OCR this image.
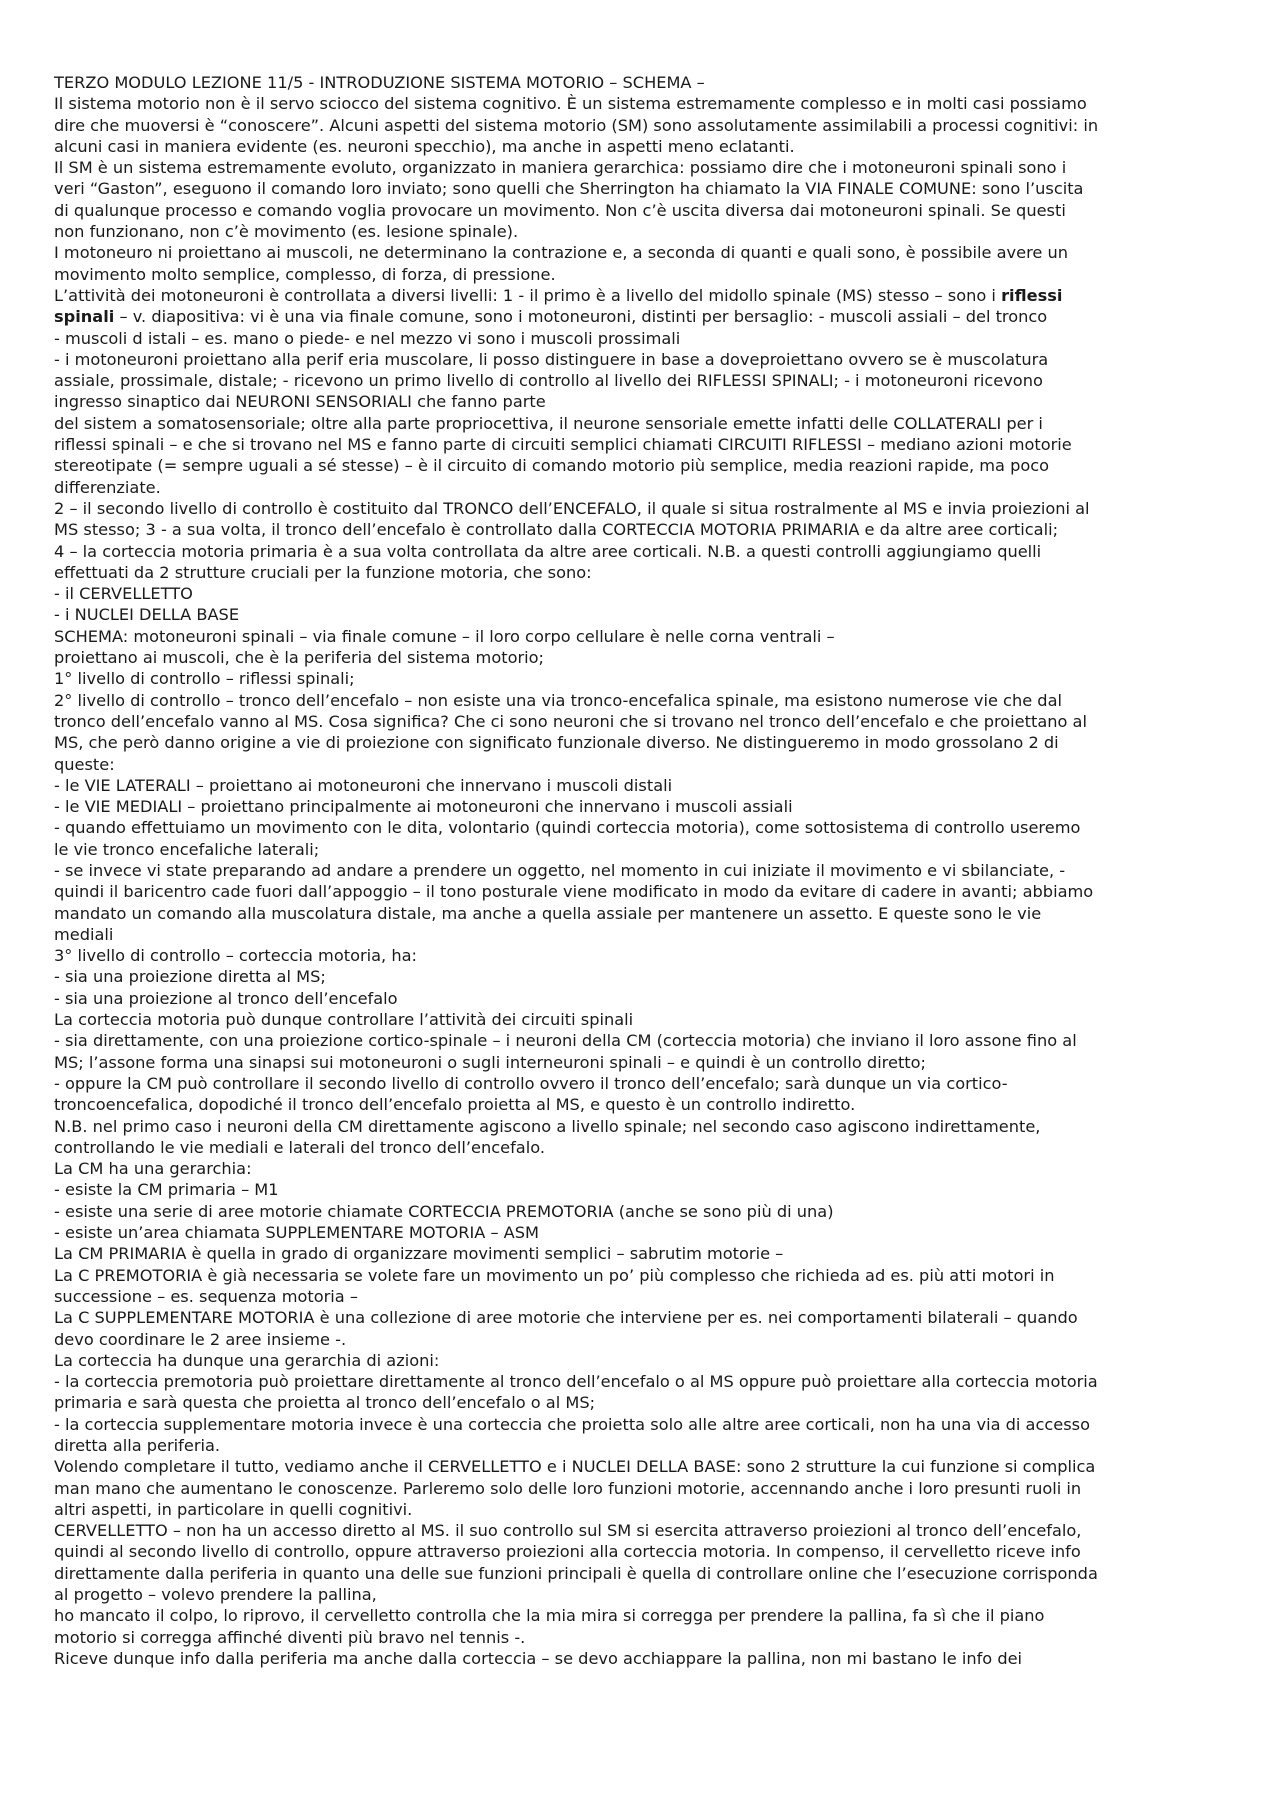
TERZO MODULO LEZIONE 11/5 - INTRODUZIONE SISTEMA MOTORIO – SCHEMA –
Il sistema motorio non è il servo sciocco del sistema cognitivo. È un sistema estremamente complesso e in molti casi possiamo
dire che muoversi è “conoscere”. Alcuni aspetti del sistema motorio (SM) sono assolutamente assimilabili a processi cognitivi: in
alcuni casi in maniera evidente (es. neuroni specchio), ma anche in aspetti meno eclatanti.
Il SM è un sistema estremamente evoluto, organizzato in maniera gerarchica: possiamo dire che i motoneuroni spinali sono i
veri “Gaston”, eseguono il comando loro inviato; sono quelli che Sherrington ha chiamato la VIA FINALE COMUNE: sono l’uscita
di qualunque processo e comando voglia provocare un movimento. Non c’è uscita diversa dai motoneuroni spinali. Se questi
non funzionano, non c’è movimento (es. lesione spinale).
I motoneuro ni proiettano ai muscoli, ne determinano la contrazione e, a seconda di quanti e quali sono, è possibile avere un
movimento molto semplice, complesso, di forza, di pressione.
L’attività dei motoneuroni è controllata a diversi livelli: 1 - il primo è a livello del midollo spinale (MS) stesso – sono i riflessi
spinali – v. diapositiva: vi è una via finale comune, sono i motoneuroni, distinti per bersaglio: - muscoli assiali – del tronco
- muscoli d istali – es. mano o piede- e nel mezzo vi sono i muscoli prossimali
- i motoneuroni proiettano alla perif eria muscolare, li posso distinguere in base a doveproiettano ovvero se è muscolatura
assiale, prossimale, distale; - ricevono un primo livello di controllo al livello dei RIFLESSI SPINALI; - i motoneuroni ricevono
ingresso sinaptico dai NEURONI SENSORIALI che fanno parte
del sistem a somatosensoriale; oltre alla parte propriocettiva, il neurone sensoriale emette infatti delle COLLATERALI per i
riflessi spinali – e che si trovano nel MS e fanno parte di circuiti semplici chiamati CIRCUITI RIFLESSI – mediano azioni motorie
stereotipate (= sempre uguali a sé stesse) – è il circuito di comando motorio più semplice, media reazioni rapide, ma poco
differenziate.
2 – il secondo livello di controllo è costituito dal TRONCO dell’ENCEFALO, il quale si situa rostralmente al MS e invia proiezioni al
MS stesso; 3 - a sua volta, il tronco dell’encefalo è controllato dalla CORTECCIA MOTORIA PRIMARIA e da altre aree corticali;
4 – la corteccia motoria primaria è a sua volta controllata da altre aree corticali. N.B. a questi controlli aggiungiamo quelli
effettuati da 2 strutture cruciali per la funzione motoria, che sono:
- il CERVELLETTO
- i NUCLEI DELLA BASE
SCHEMA: motoneuroni spinali – via finale comune – il loro corpo cellulare è nelle corna ventrali –
proiettano ai muscoli, che è la periferia del sistema motorio;
1° livello di controllo – riflessi spinali;
2° livello di controllo – tronco dell’encefalo – non esiste una via tronco-encefalica spinale, ma esistono numerose vie che dal
tronco dell’encefalo vanno al MS. Cosa significa? Che ci sono neuroni che si trovano nel tronco dell’encefalo e che proiettano al
MS, che però danno origine a vie di proiezione con significato funzionale diverso. Ne distingueremo in modo grossolano 2 di
queste:
- le VIE LATERALI – proiettano ai motoneuroni che innervano i muscoli distali
- le VIE MEDIALI – proiettano principalmente ai motoneuroni che innervano i muscoli assiali
- quando effettuiamo un movimento con le dita, volontario (quindi corteccia motoria), come sottosistema di controllo useremo
le vie tronco encefaliche laterali;
- se invece vi state preparando ad andare a prendere un oggetto, nel momento in cui iniziate il movimento e vi sbilanciate, -
quindi il baricentro cade fuori dall’appoggio – il tono posturale viene modificato in modo da evitare di cadere in avanti; abbiamo
mandato un comando alla muscolatura distale, ma anche a quella assiale per mantenere un assetto. E queste sono le vie
mediali
3° livello di controllo – corteccia motoria, ha:
- sia una proiezione diretta al MS;
- sia una proiezione al tronco dell’encefalo
La corteccia motoria può dunque controllare l’attività dei circuiti spinali
- sia direttamente, con una proiezione cortico-spinale – i neuroni della CM (corteccia motoria) che inviano il loro assone fino al
MS; l’assone forma una sinapsi sui motoneuroni o sugli interneuroni spinali – e quindi è un controllo diretto;
- oppure la CM può controllare il secondo livello di controllo ovvero il tronco dell’encefalo; sarà dunque un via cortico-
troncoencefalica, dopodiché il tronco dell’encefalo proietta al MS, e questo è un controllo indiretto.
N.B. nel primo caso i neuroni della CM direttamente agiscono a livello spinale; nel secondo caso agiscono indirettamente,
controllando le vie mediali e laterali del tronco dell’encefalo.
La CM ha una gerarchia:
- esiste la CM primaria – M1
- esiste una serie di aree motorie chiamate CORTECCIA PREMOTORIA (anche se sono più di una)
- esiste un’area chiamata SUPPLEMENTARE MOTORIA – ASM
La CM PRIMARIA è quella in grado di organizzare movimenti semplici – sabrutim motorie –
La C PREMOTORIA è già necessaria se volete fare un movimento un po’ più complesso che richieda ad es. più atti motori in
successione – es. sequenza motoria –
La C SUPPLEMENTARE MOTORIA è una collezione di aree motorie che interviene per es. nei comportamenti bilaterali – quando
devo coordinare le 2 aree insieme -.
La corteccia ha dunque una gerarchia di azioni:
- la corteccia premotoria può proiettare direttamente al tronco dell’encefalo o al MS oppure può proiettare alla corteccia motoria
primaria e sarà questa che proietta al tronco dell’encefalo o al MS;
- la corteccia supplementare motoria invece è una corteccia che proietta solo alle altre aree corticali, non ha una via di accesso
diretta alla periferia.
Volendo completare il tutto, vediamo anche il CERVELLETTO e i NUCLEI DELLA BASE: sono 2 strutture la cui funzione si complica
man mano che aumentano le conoscenze. Parleremo solo delle loro funzioni motorie, accennando anche i loro presunti ruoli in
altri aspetti, in particolare in quelli cognitivi.
CERVELLETTO – non ha un accesso diretto al MS. il suo controllo sul SM si esercita attraverso proiezioni al tronco dell’encefalo,
quindi al secondo livello di controllo, oppure attraverso proiezioni alla corteccia motoria. In compenso, il cervelletto riceve info
direttamente dalla periferia in quanto una delle sue funzioni principali è quella di controllare online che l’esecuzione corrisponda
al progetto – volevo prendere la pallina,
ho mancato il colpo, lo riprovo, il cervelletto controlla che la mia mira si corregga per prendere la pallina, fa sì che il piano
motorio si corregga affinché diventi più bravo nel tennis -.
Riceve dunque info dalla periferia ma anche dalla corteccia – se devo acchiappare la pallina, non mi bastano le info dei
